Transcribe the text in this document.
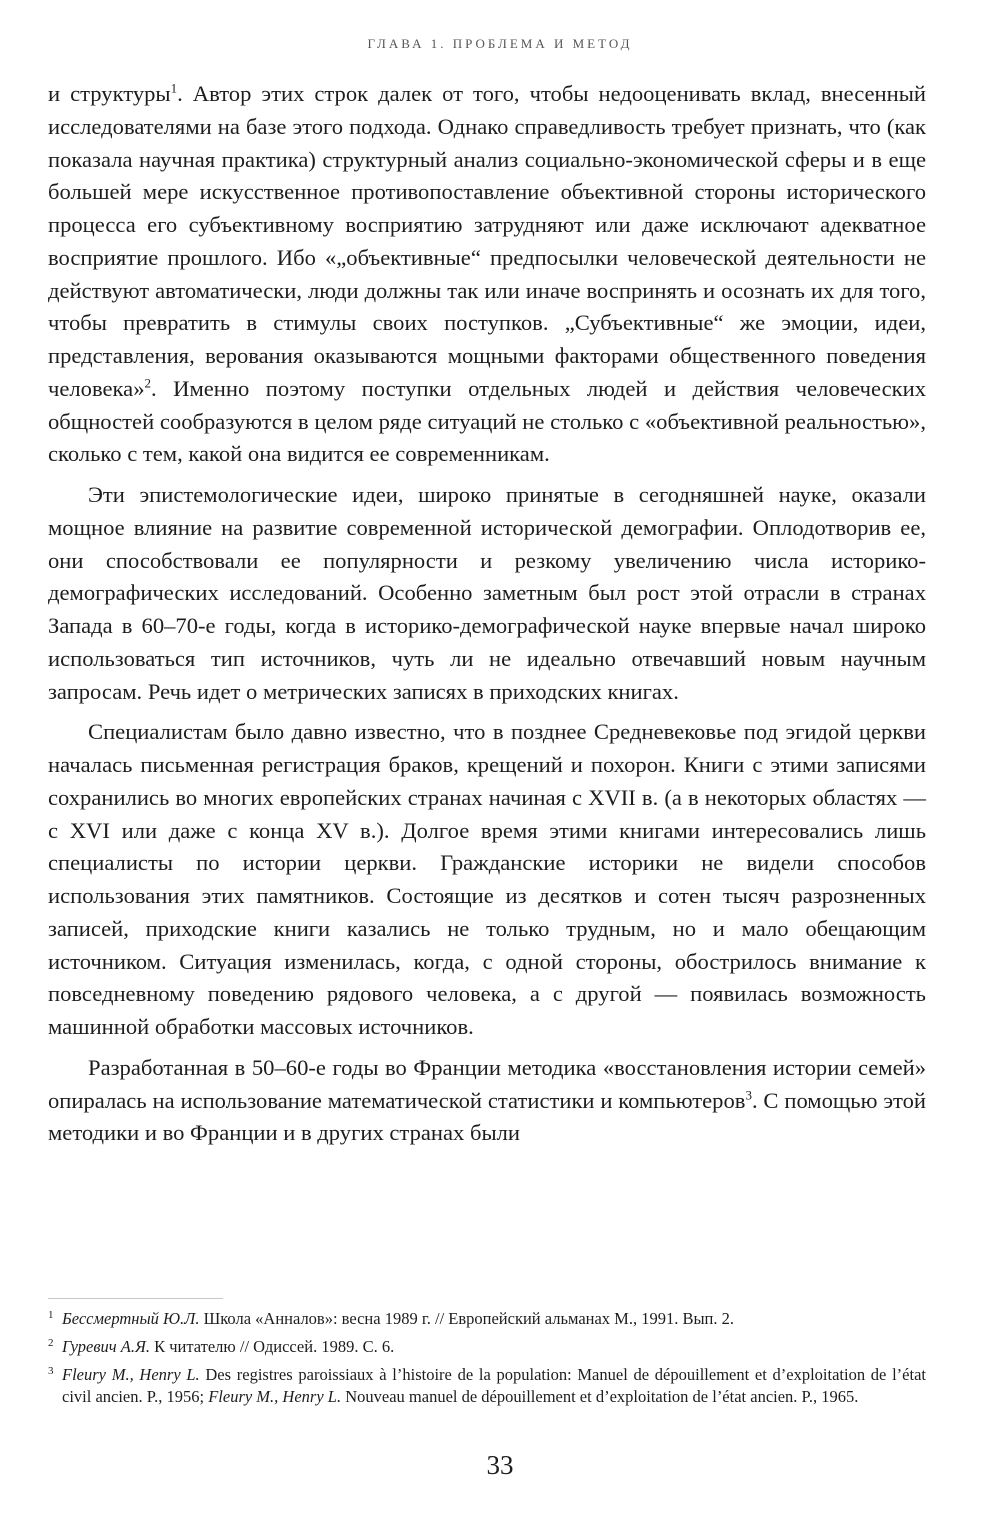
ГЛАВА 1. ПРОБЛЕМА И МЕТОД

и структуры$^1$. Автор этих строк далек от того, чтобы недооценивать вклад, внесенный исследователями на базе этого подхода. Однако справедливость требует признать, что (как показала научная практика) структурный анализ социально-экономической сферы и в еще большей мере искусственное противопоставление объективной стороны исторического процесса его субъективному восприятию затрудняют или даже исключают адекватное восприятие прошлого. Ибо «„объективные“ предпосылки человеческой деятельности не действуют автоматически, люди должны так или иначе воспринять и осознать их для того, чтобы превратить в стимулы своих поступков. „Субъективные“ же эмоции, идеи, представления, верования оказываются мощными факторами общественного поведения человека»$^2$. Именно поэтому поступки отдельных людей и действия человеческих общностей сообразуются в целом ряде ситуаций не столько с «объективной реальностью», сколько с тем, какой она видится ее современникам.

Эти эпистемологические идеи, широко принятые в сегодняшней науке, оказали мощное влияние на развитие современной исторической демографии. Оплодотворив ее, они способствовали ее популярности и резкому увеличению числа историко-демографических исследований. Особенно заметным был рост этой отрасли в странах Запада в 60–70-е годы, когда в историко-демографической науке впервые начал широко использоваться тип источников, чуть ли не идеально отвечавший новым научным запросам. Речь идет о метрических записях в приходских книгах.

Специалистам было давно известно, что в позднее Средневековье под эгидой церкви началась письменная регистрация браков, крещений и похорон. Книги с этими записями сохранились во многих европейских странах начиная с XVII в. (а в некоторых областях — с XVI или даже с конца XV в.). Долгое время этими книгами интересовались лишь специалисты по истории церкви. Гражданские историки не видели способов использования этих памятников. Состоящие из десятков и сотен тысяч разрозненных записей, приходские книги казались не только трудным, но и мало обещающим источником. Ситуация изменилась, когда, с одной стороны, обострилось внимание к повседневному поведению рядового человека, а с другой — появилась возможность машинной обработки массовых источников.

Разработанная в 50–60-е годы во Франции методика «восстановления истории семей» опиралась на использование математической статистики и компьютеров$^3$. С помощью этой методики и во Франции и в других странах были

1 Бессмертный Ю.Л. Школа «Анналов»: весна 1989 г. // Европейский альманах М., 1991. Вып. 2.

2 Гуревич А.Я. К читателю // Одиссей. 1989. С. 6.

3 Fleury M., Henry L. Des registres paroissiaux à l’histoire de la population: Manuel de dépouillement et d’exploitation de l’état civil ancien. P., 1956; Fleury M., Henry L. Nouveau manuel de dépouillement et d’exploitation de l’état ancien. P., 1965.

33
